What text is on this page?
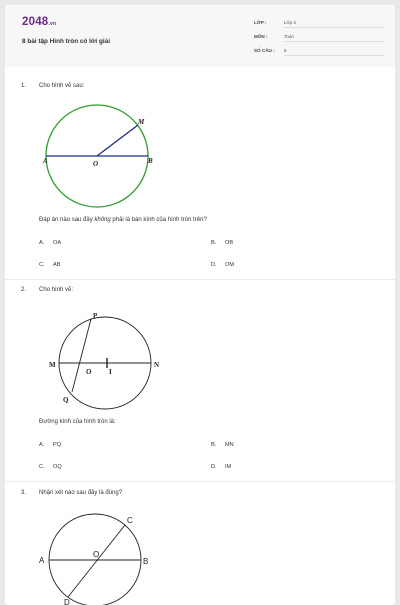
2048.vn
8 bài tập Hình tròn có lời giải
LỚP :	Lớp 3
MÔN :	Toán
SỐ CÂU : 8
1. Cho hình vẽ sau:
A	B
O
M
Đáp án nào sau đây không phải là bán kính của hình tròn trên?
A. OA	B. OB
C. AB	D. OM
2. Cho hình vẽ:
P
M	N
O	I
Q
Đường kính của hình tròn là:
A. PQ	B. MN
C. OQ	D. IM
3. Nhận xét nào sau đây là đúng?
A	B
C
O
D
